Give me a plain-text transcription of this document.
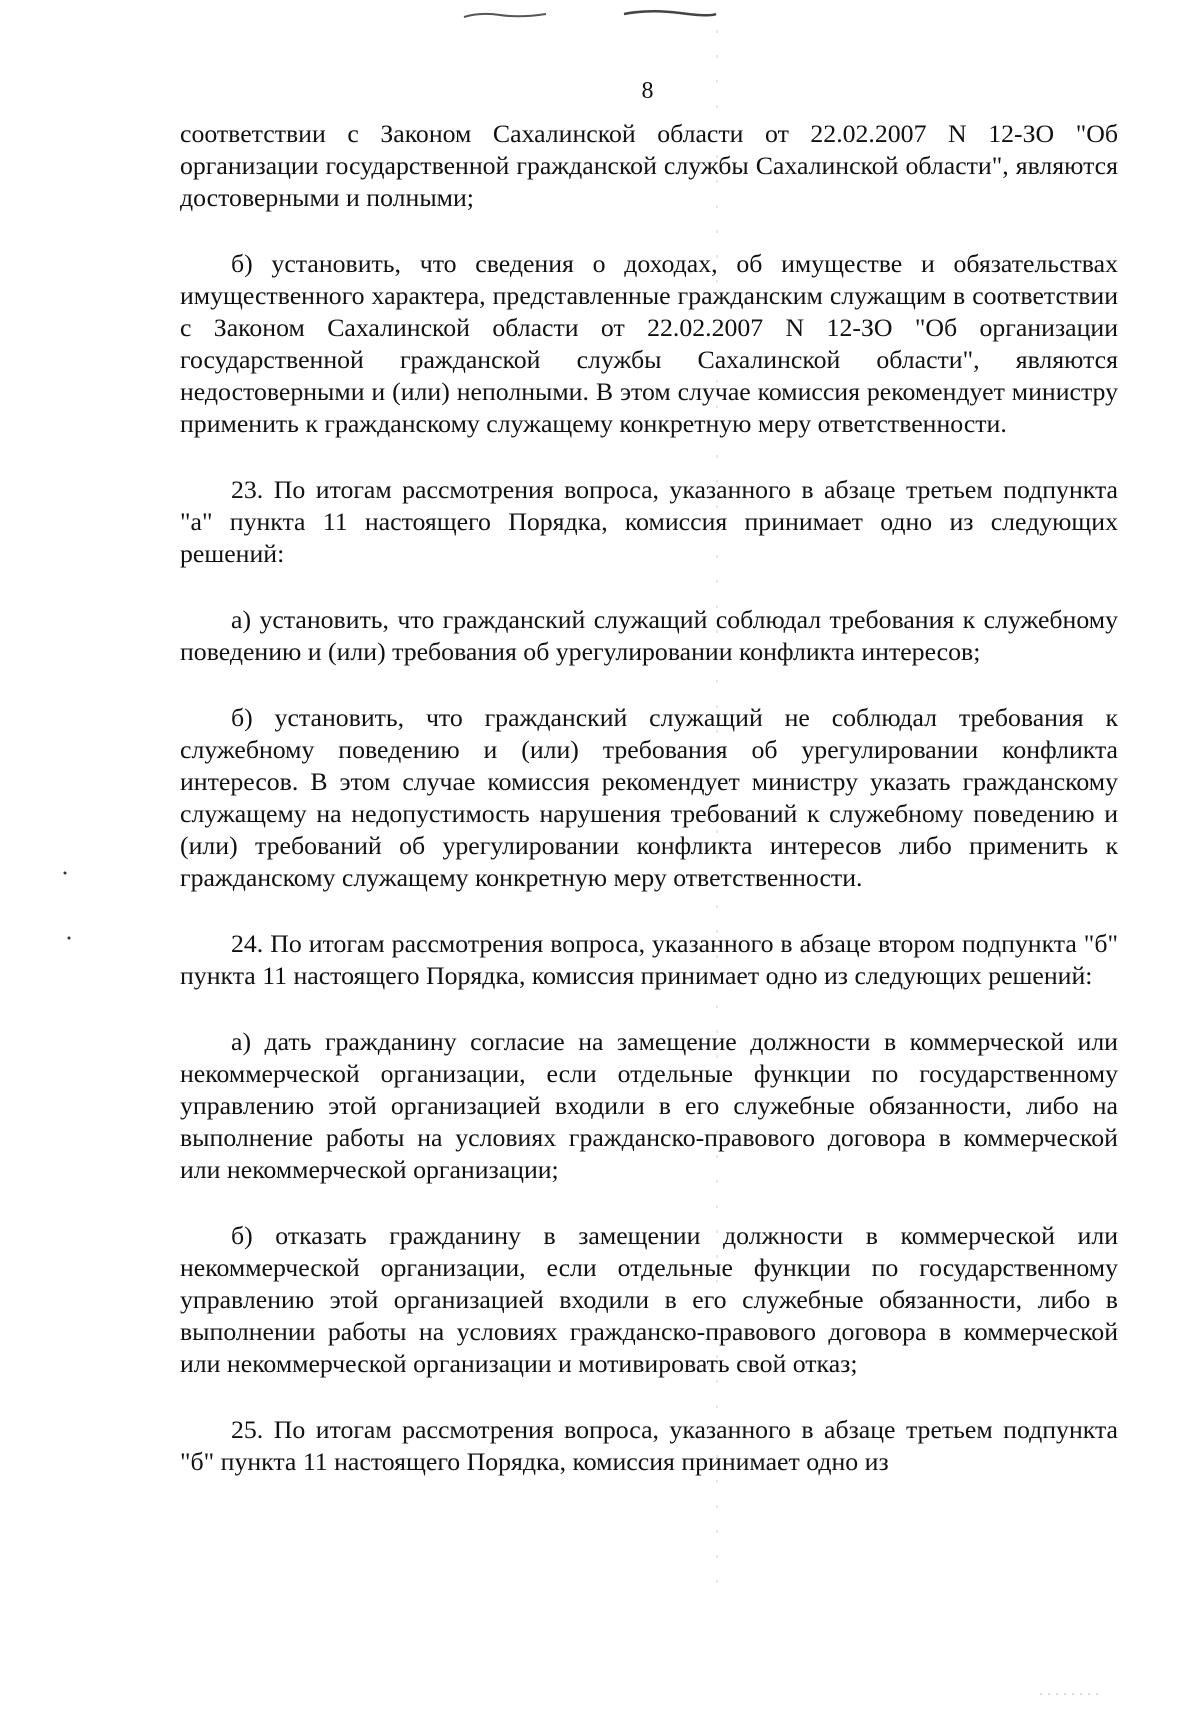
8

соответствии с Законом Сахалинской области от 22.02.2007 N 12-ЗО "Об организации государственной гражданской службы Сахалинской области", являются достоверными и полными;

б) установить, что сведения о доходах, об имуществе и обязательствах имущественного характера, представленные гражданским служащим в соответствии с Законом Сахалинской области от 22.02.2007 N 12-ЗО "Об организации государственной гражданской службы Сахалинской области", являются недостоверными и (или) неполными. В этом случае комиссия рекомендует министру применить к гражданскому служащему конкретную меру ответственности.

23. По итогам рассмотрения вопроса, указанного в абзаце третьем подпункта "а" пункта 11 настоящего Порядка, комиссия принимает одно из следующих решений:

а) установить, что гражданский служащий соблюдал требования к служебному поведению и (или) требования об урегулировании конфликта интересов;

б) установить, что гражданский служащий не соблюдал требования к служебному поведению и (или) требования об урегулировании конфликта интересов. В этом случае комиссия рекомендует министру указать гражданскому служащему на недопустимость нарушения требований к служебному поведению и (или) требований об урегулировании конфликта интересов либо применить к гражданскому служащему конкретную меру ответственности.

24. По итогам рассмотрения вопроса, указанного в абзаце втором подпункта "б" пункта 11 настоящего Порядка, комиссия принимает одно из следующих решений:

а) дать гражданину согласие на замещение должности в коммерческой или некоммерческой организации, если отдельные функции по государственному управлению этой организацией входили в его служебные обязанности, либо на выполнение работы на условиях гражданско-правового договора в коммерческой или некоммерческой организации;

б) отказать гражданину в замещении должности в коммерческой или некоммерческой организации, если отдельные функции по государственному управлению этой организацией входили в его служебные обязанности, либо в выполнении работы на условиях гражданско-правового договора в коммерческой или некоммерческой организации и мотивировать свой отказ;

25. По итогам рассмотрения вопроса, указанного в абзаце третьем подпункта "б" пункта 11 настоящего Порядка, комиссия принимает одно из
